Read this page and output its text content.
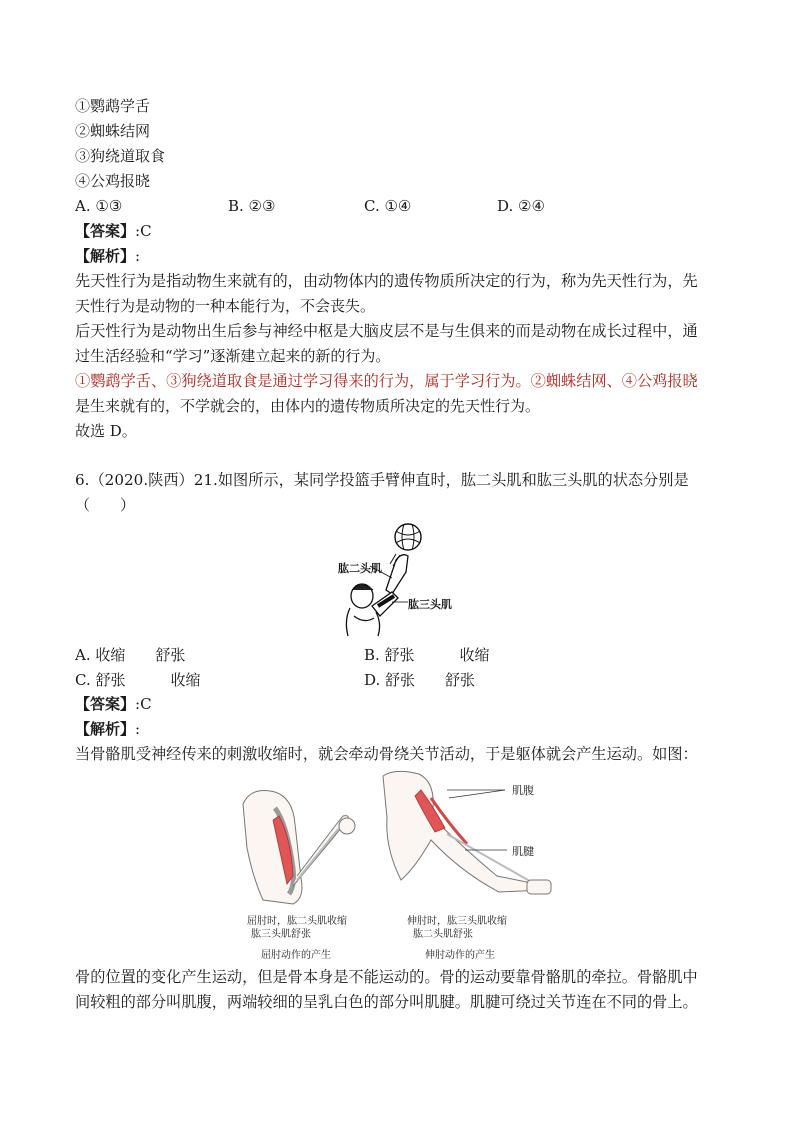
①鹦鹉学舌
②蜘蛛结网
③狗绕道取食
④公鸡报晓
A. ①③	B. ②③	C. ①④	D. ②④
【答案】:C
【解析】:
先天性行为是指动物生来就有的，由动物体内的遗传物质所决定的行为，称为先天性行为，先
天性行为是动物的一种本能行为，不会丧失。
后天性行为是动物出生后参与神经中枢是大脑皮层不是与生俱来的而是动物在成长过程中，通
过生活经验和“学习”逐渐建立起来的新的行为。
①鹦鹉学舌、③狗绕道取食是通过学习得来的行为，属于学习行为。②蜘蛛结网、④公鸡报晓
是生来就有的，不学就会的，由体内的遗传物质所决定的先天性行为。
故选 D。
6.（2020.陕西）21.如图所示，某同学投篮手臂伸直时，肱二头肌和肱三头肌的状态分别是
（　　）
肱二头肌
肱三头肌
A. 收缩　　舒张	B. 舒张　　　收缩
C. 舒张　　　收缩	D. 舒张　　舒张
【答案】:C
【解析】:
当骨骼肌受神经传来的刺激收缩时，就会牵动骨绕关节活动，于是躯体就会产生运动。如图：
肌腹
肌腱
屈肘时，肱二头肌收缩
肱三头肌舒张
屈肘动作的产生
伸肘时，肱三头肌收缩
肱二头肌舒张
伸肘动作的产生
骨的位置的变化产生运动，但是骨本身是不能运动的。骨的运动要靠骨骼肌的牵拉。骨骼肌中
间较粗的部分叫肌腹，两端较细的呈乳白色的部分叫肌腱。肌腱可绕过关节连在不同的骨上。
